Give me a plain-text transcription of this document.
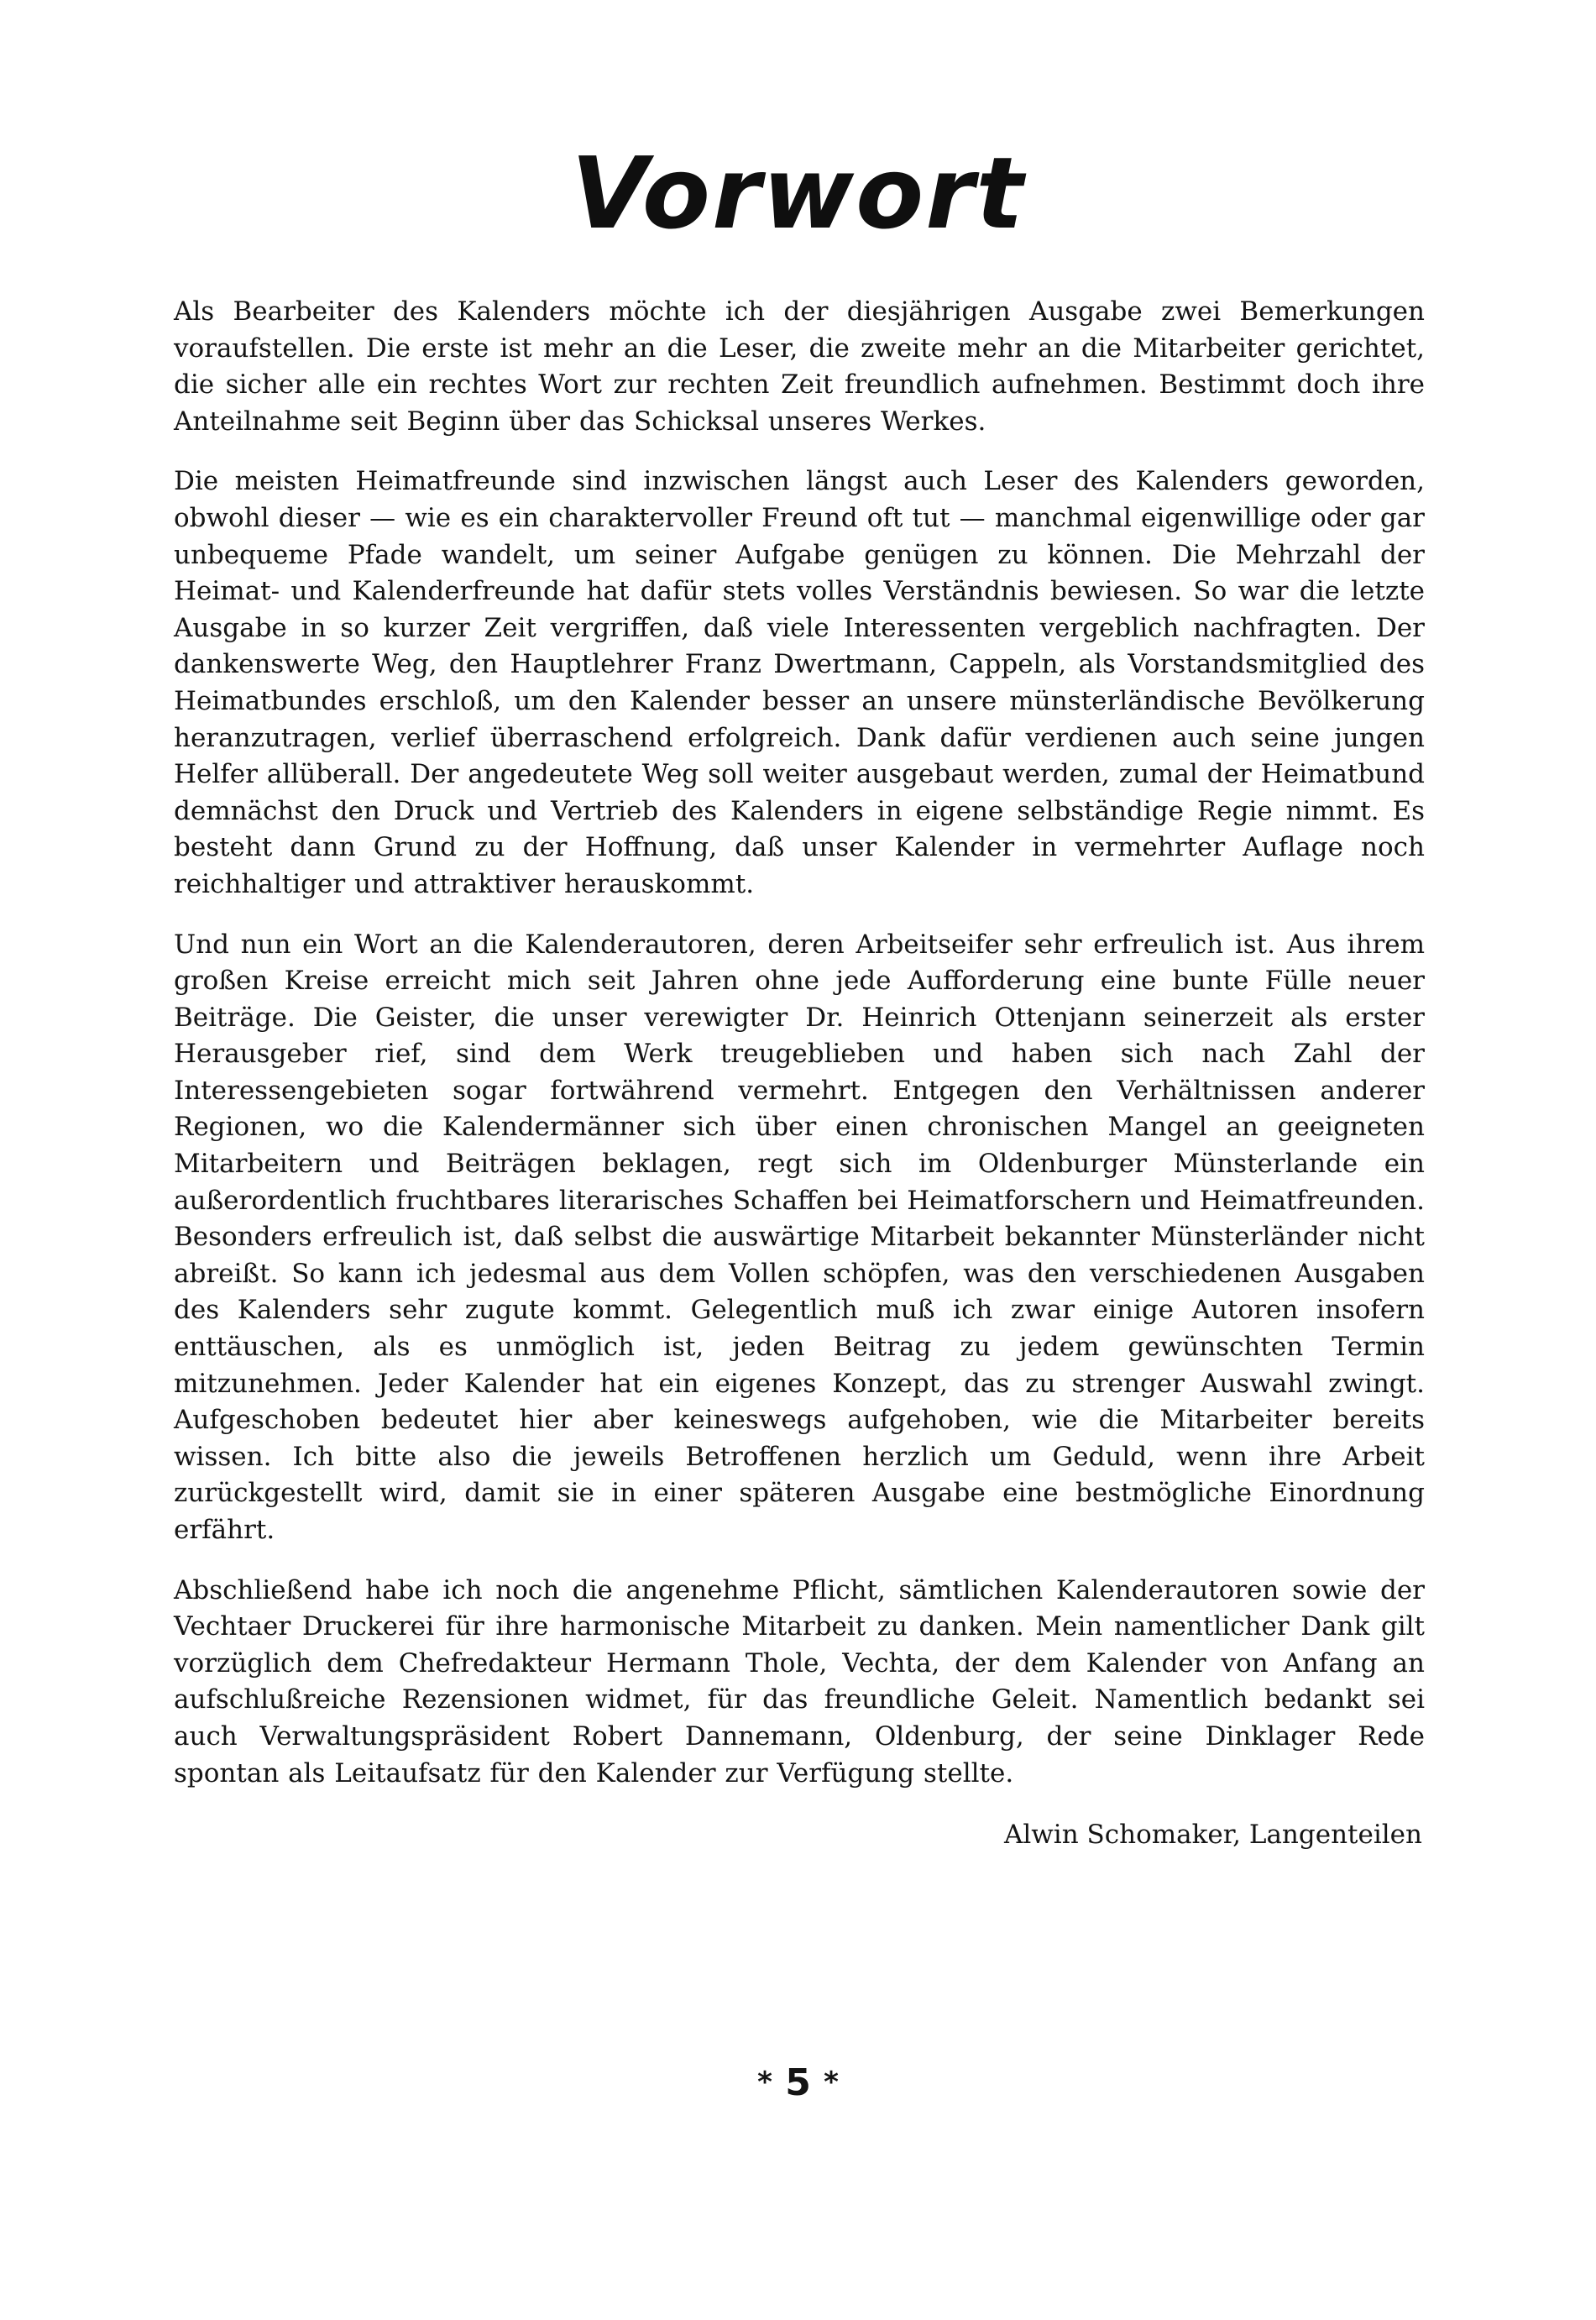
Vorwort

Als Bearbeiter des Kalenders möchte ich der diesjährigen Ausgabe zwei Bemerkungen voraufstellen. Die erste ist mehr an die Leser, die zweite mehr an die Mitarbeiter gerichtet, die sicher alle ein rechtes Wort zur rechten Zeit freundlich aufnehmen. Bestimmt doch ihre Anteilnahme seit Beginn über das Schicksal unseres Werkes.

Die meisten Heimatfreunde sind inzwischen längst auch Leser des Kalenders geworden, obwohl dieser — wie es ein charaktervoller Freund oft tut — manchmal eigenwillige oder gar unbequeme Pfade wandelt, um seiner Aufgabe genügen zu können. Die Mehrzahl der Heimat- und Kalenderfreunde hat dafür stets volles Verständnis bewiesen. So war die letzte Ausgabe in so kurzer Zeit vergriffen, daß viele Interessenten vergeblich nachfragten. Der dankenswerte Weg, den Hauptlehrer Franz Dwertmann, Cappeln, als Vorstandsmitglied des Heimatbundes erschloß, um den Kalender besser an unsere münsterländische Bevölkerung heranzutragen, verlief überraschend erfolgreich. Dank dafür verdienen auch seine jungen Helfer allüberall. Der angedeutete Weg soll weiter ausgebaut werden, zumal der Heimatbund demnächst den Druck und Vertrieb des Kalenders in eigene selbständige Regie nimmt. Es besteht dann Grund zu der Hoffnung, daß unser Kalender in vermehrter Auflage noch reichhaltiger und attraktiver herauskommt.

Und nun ein Wort an die Kalenderautoren, deren Arbeitseifer sehr erfreulich ist. Aus ihrem großen Kreise erreicht mich seit Jahren ohne jede Aufforderung eine bunte Fülle neuer Beiträge. Die Geister, die unser verewigter Dr. Heinrich Ottenjann seinerzeit als erster Herausgeber rief, sind dem Werk treugeblieben und haben sich nach Zahl der Interessengebieten sogar fortwährend vermehrt. Entgegen den Verhältnissen anderer Regionen, wo die Kalendermänner sich über einen chronischen Mangel an geeigneten Mitarbeitern und Beiträgen beklagen, regt sich im Oldenburger Münsterlande ein außerordentlich fruchtbares literarisches Schaffen bei Heimatforschern und Heimatfreunden. Besonders erfreulich ist, daß selbst die auswärtige Mitarbeit bekannter Münsterländer nicht abreißt. So kann ich jedesmal aus dem Vollen schöpfen, was den verschiedenen Ausgaben des Kalenders sehr zugute kommt. Gelegentlich muß ich zwar einige Autoren insofern enttäuschen, als es unmöglich ist, jeden Beitrag zu jedem gewünschten Termin mitzunehmen. Jeder Kalender hat ein eigenes Konzept, das zu strenger Auswahl zwingt. Aufgeschoben bedeutet hier aber keineswegs aufgehoben, wie die Mitarbeiter bereits wissen. Ich bitte also die jeweils Betroffenen herzlich um Geduld, wenn ihre Arbeit zurückgestellt wird, damit sie in einer späteren Ausgabe eine bestmögliche Einordnung erfährt.

Abschließend habe ich noch die angenehme Pflicht, sämtlichen Kalenderautoren sowie der Vechtaer Druckerei für ihre harmonische Mitarbeit zu danken. Mein namentlicher Dank gilt vorzüglich dem Chefredakteur Hermann Thole, Vechta, der dem Kalender von Anfang an aufschlußreiche Rezensionen widmet, für das freundliche Geleit. Namentlich bedankt sei auch Verwaltungspräsident Robert Dannemann, Oldenburg, der seine Dinklager Rede spontan als Leitaufsatz für den Kalender zur Verfügung stellte.

Alwin Schomaker, Langenteilen

* 5 *
